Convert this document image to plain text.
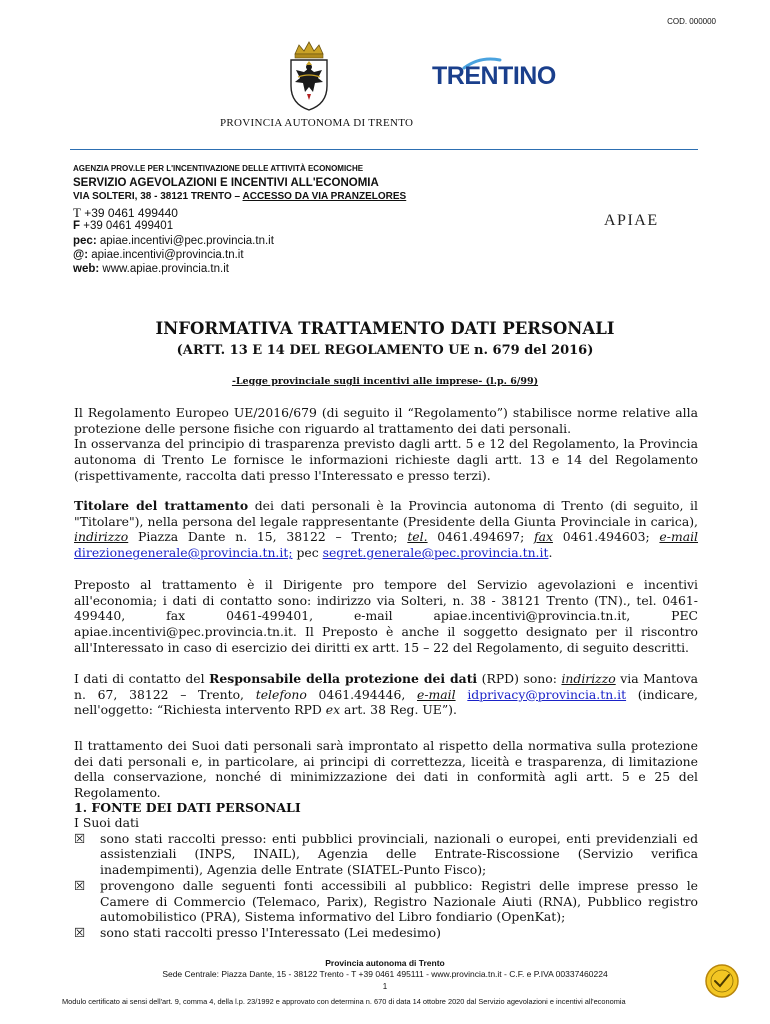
COD. 000000
PROVINCIA AUTONOMA DI TRENTO
TRENTINO
AGENZIA PROV.LE PER L'INCENTIVAZIONE DELLE ATTIVITÀ ECONOMICHE
SERVIZIO AGEVOLAZIONI E INCENTIVI ALL'ECONOMIA
VIA SOLTERI, 38 - 38121 TRENTO – ACCESSO DA VIA PRANZELORES
T +39 0461 499440
F +39 0461 499401
pec: apiae.incentivi@pec.provincia.tn.it
@: apiae.incentivi@provincia.tn.it
web: www.apiae.provincia.tn.it
APIAE
INFORMATIVA TRATTAMENTO DATI PERSONALI
(ARTT. 13 E 14 DEL REGOLAMENTO UE n. 679 del 2016)
-Legge provinciale sugli incentivi alle imprese- (l.p. 6/99)

Il Regolamento Europeo UE/2016/679 (di seguito il “Regolamento”) stabilisce norme relative alla protezione delle persone fisiche con riguardo al trattamento dei dati personali.

In osservanza del principio di trasparenza previsto dagli artt. 5 e 12 del Regolamento, la Provincia autonoma di Trento Le fornisce le informazioni richieste dagli artt. 13 e 14 del Regolamento (rispettivamente, raccolta dati presso l'Interessato e presso terzi).

Titolare del trattamento dei dati personali è la Provincia autonoma di Trento (di seguito, il "Titolare"), nella persona del legale rappresentante (Presidente della Giunta Provinciale in carica), indirizzo Piazza Dante n. 15, 38122 – Trento; tel. 0461.494697; fax 0461.494603; e-mail direzionegenerale@provincia.tn.it; pec segret.generale@pec.provincia.tn.it.

Preposto al trattamento è il Dirigente pro tempore del Servizio agevolazioni e incentivi all'economia; i dati di contatto sono: indirizzo via Solteri, n. 38 - 38121 Trento (TN)., tel. 0461-499440, fax 0461-499401, e-mail apiae.incentivi@provincia.tn.it, PEC apiae.incentivi@pec.provincia.tn.it. Il Preposto è anche il soggetto designato per il riscontro all'Interessato in caso di esercizio dei diritti ex artt. 15 – 22 del Regolamento, di seguito descritti.

I dati di contatto del Responsabile della protezione dei dati (RPD) sono: indirizzo via Mantova n. 67, 38122 – Trento, telefono 0461.494446, e-mail idprivacy@provincia.tn.it (indicare, nell'oggetto: “Richiesta intervento RPD ex art. 38 Reg. UE”).

Il trattamento dei Suoi dati personali sarà improntato al rispetto della normativa sulla protezione dei dati personali e, in particolare, ai principi di correttezza, liceità e trasparenza, di limitazione della conservazione, nonché di minimizzazione dei dati in conformità agli artt. 5 e 25 del Regolamento.

1. FONTE DEI DATI PERSONALI

I Suoi dati

☒ sono stati raccolti presso: enti pubblici provinciali, nazionali o europei, enti previdenziali ed assistenziali (INPS, INAIL), Agenzia delle Entrate-Riscossione (Servizio verifica inadempimenti), Agenzia delle Entrate (SIATEL-Punto Fisco);

☒ provengono dalle seguenti fonti accessibili al pubblico: Registri delle imprese presso le Camere di Commercio (Telemaco, Parix), Registro Nazionale Aiuti (RNA), Pubblico registro automobilistico (PRA), Sistema informativo del Libro fondiario (OpenKat);

☒ sono stati raccolti presso l'Interessato (Lei medesimo)

Provincia autonoma di Trento
Sede Centrale: Piazza Dante, 15 - 38122 Trento - T +39 0461 495111 - www.provincia.tn.it - C.F. e P.IVA 00337460224
1
Modulo certificato ai sensi dell'art. 9, comma 4, della l.p. 23/1992 e approvato con determina n. 670 di data 14 ottobre 2020 dal Servizio agevolazioni e incentivi all'economia
